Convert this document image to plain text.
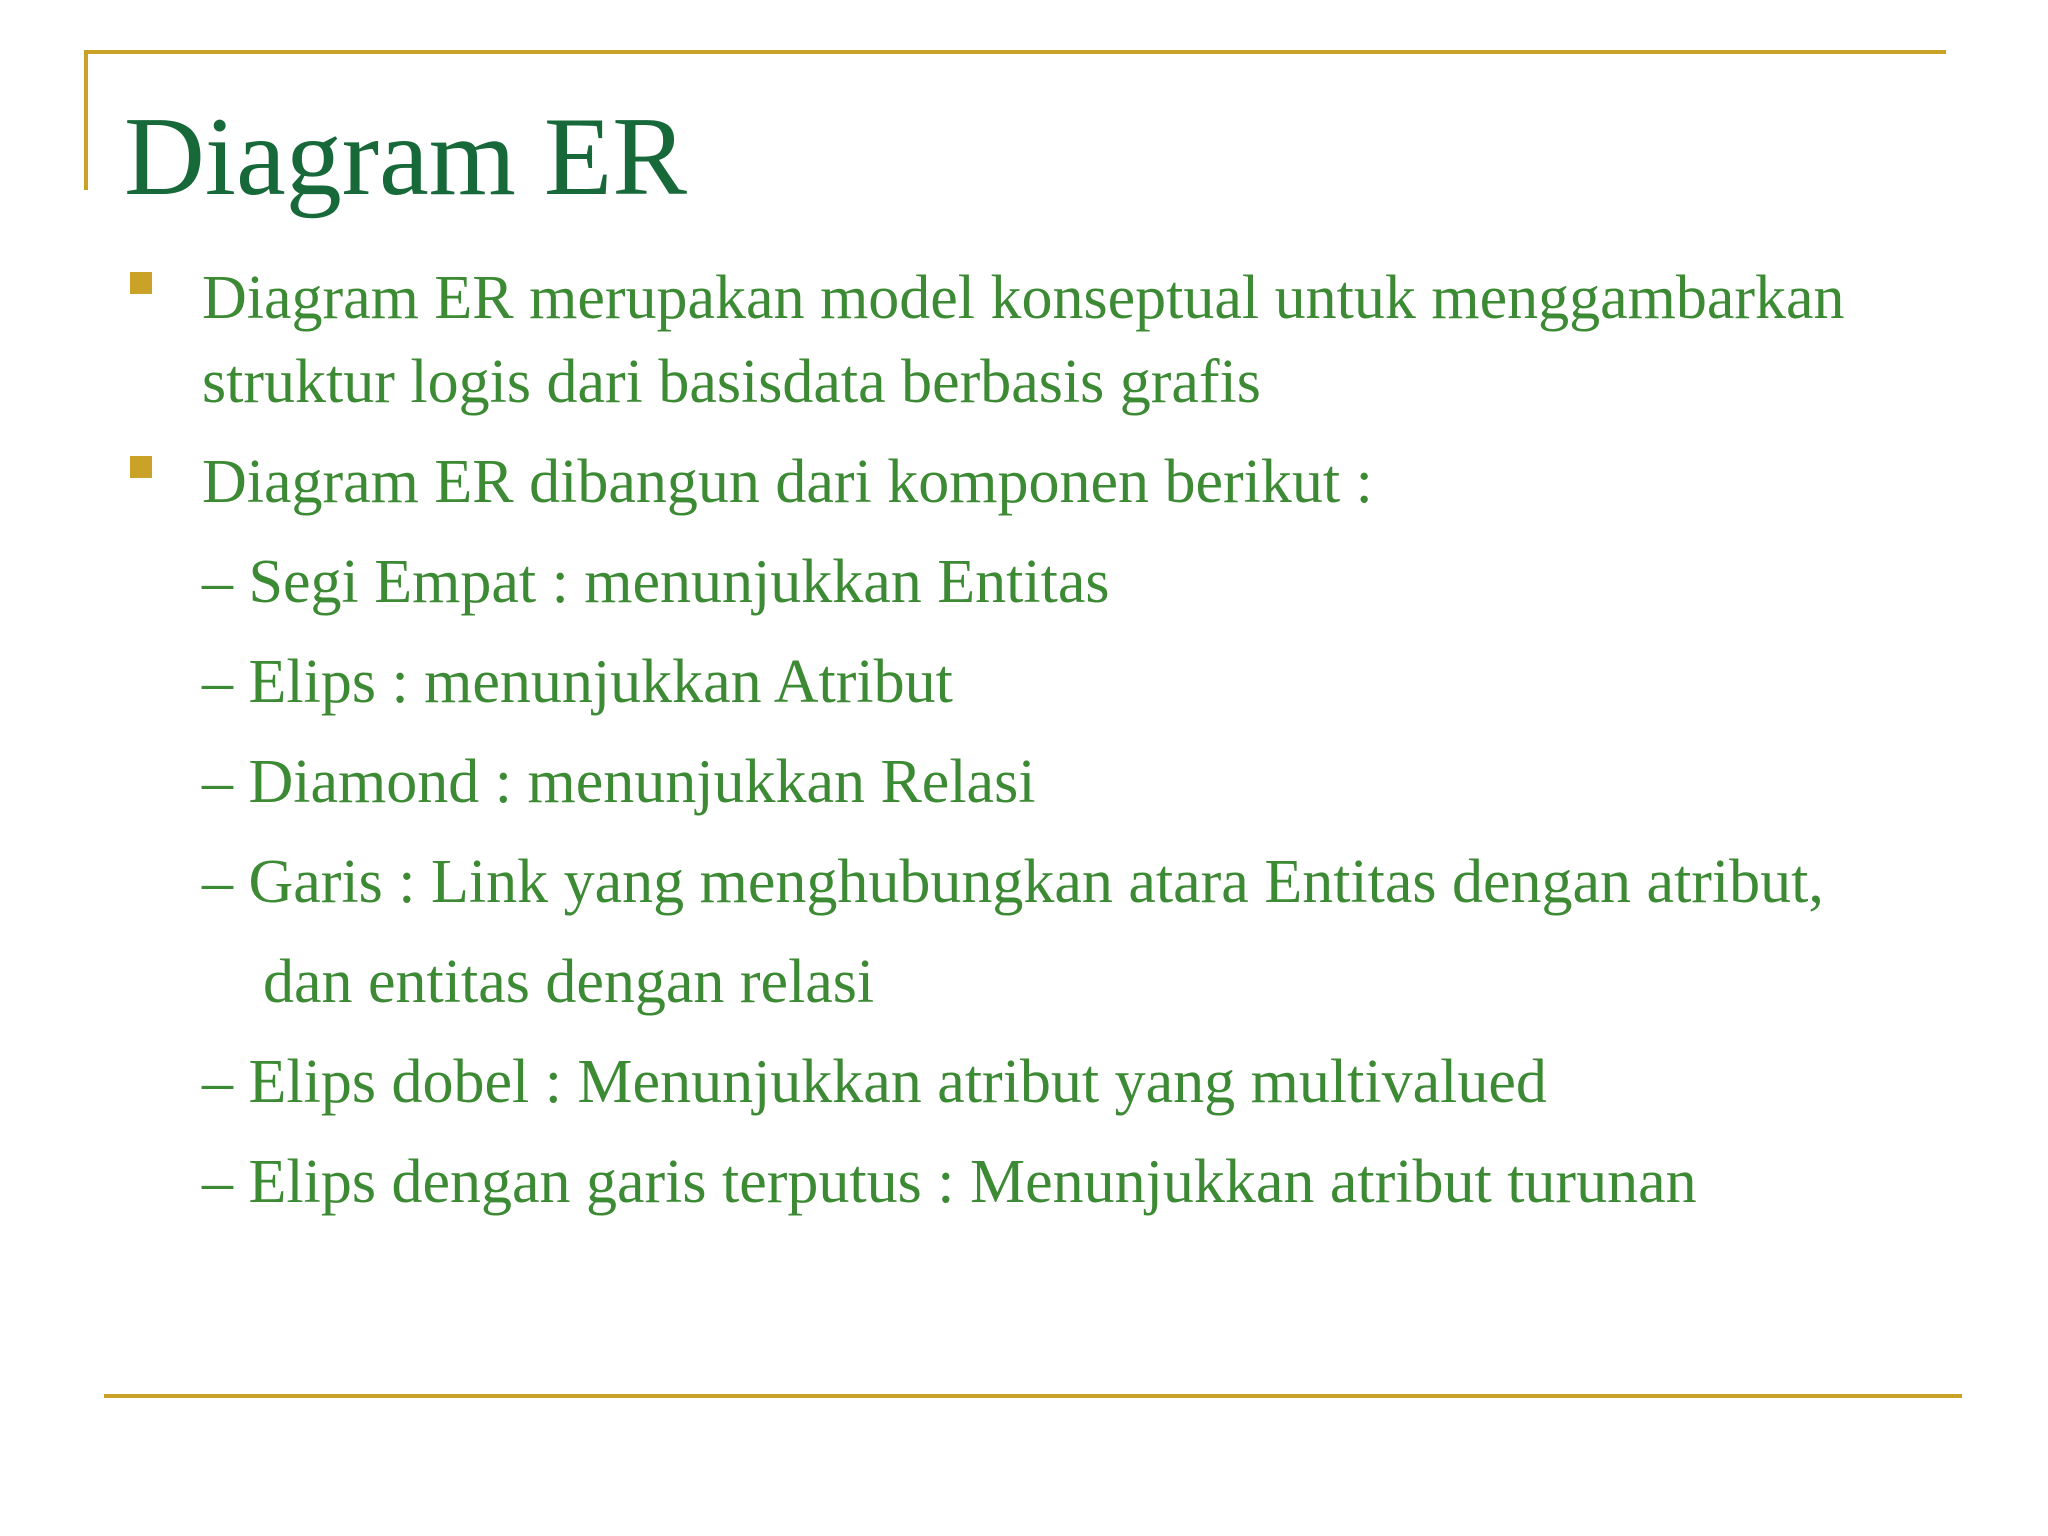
Diagram ER

Diagram ER merupakan model konseptual untuk menggambarkan

struktur logis dari basisdata berbasis grafis

Diagram ER dibangun dari komponen berikut :

– Segi Empat : menunjukkan Entitas

– Elips : menunjukkan Atribut

– Diamond : menunjukkan Relasi

– Garis : Link yang menghubungkan atara Entitas dengan atribut,

dan entitas dengan relasi

– Elips dobel : Menunjukkan atribut yang multivalued

– Elips dengan garis terputus : Menunjukkan atribut turunan
